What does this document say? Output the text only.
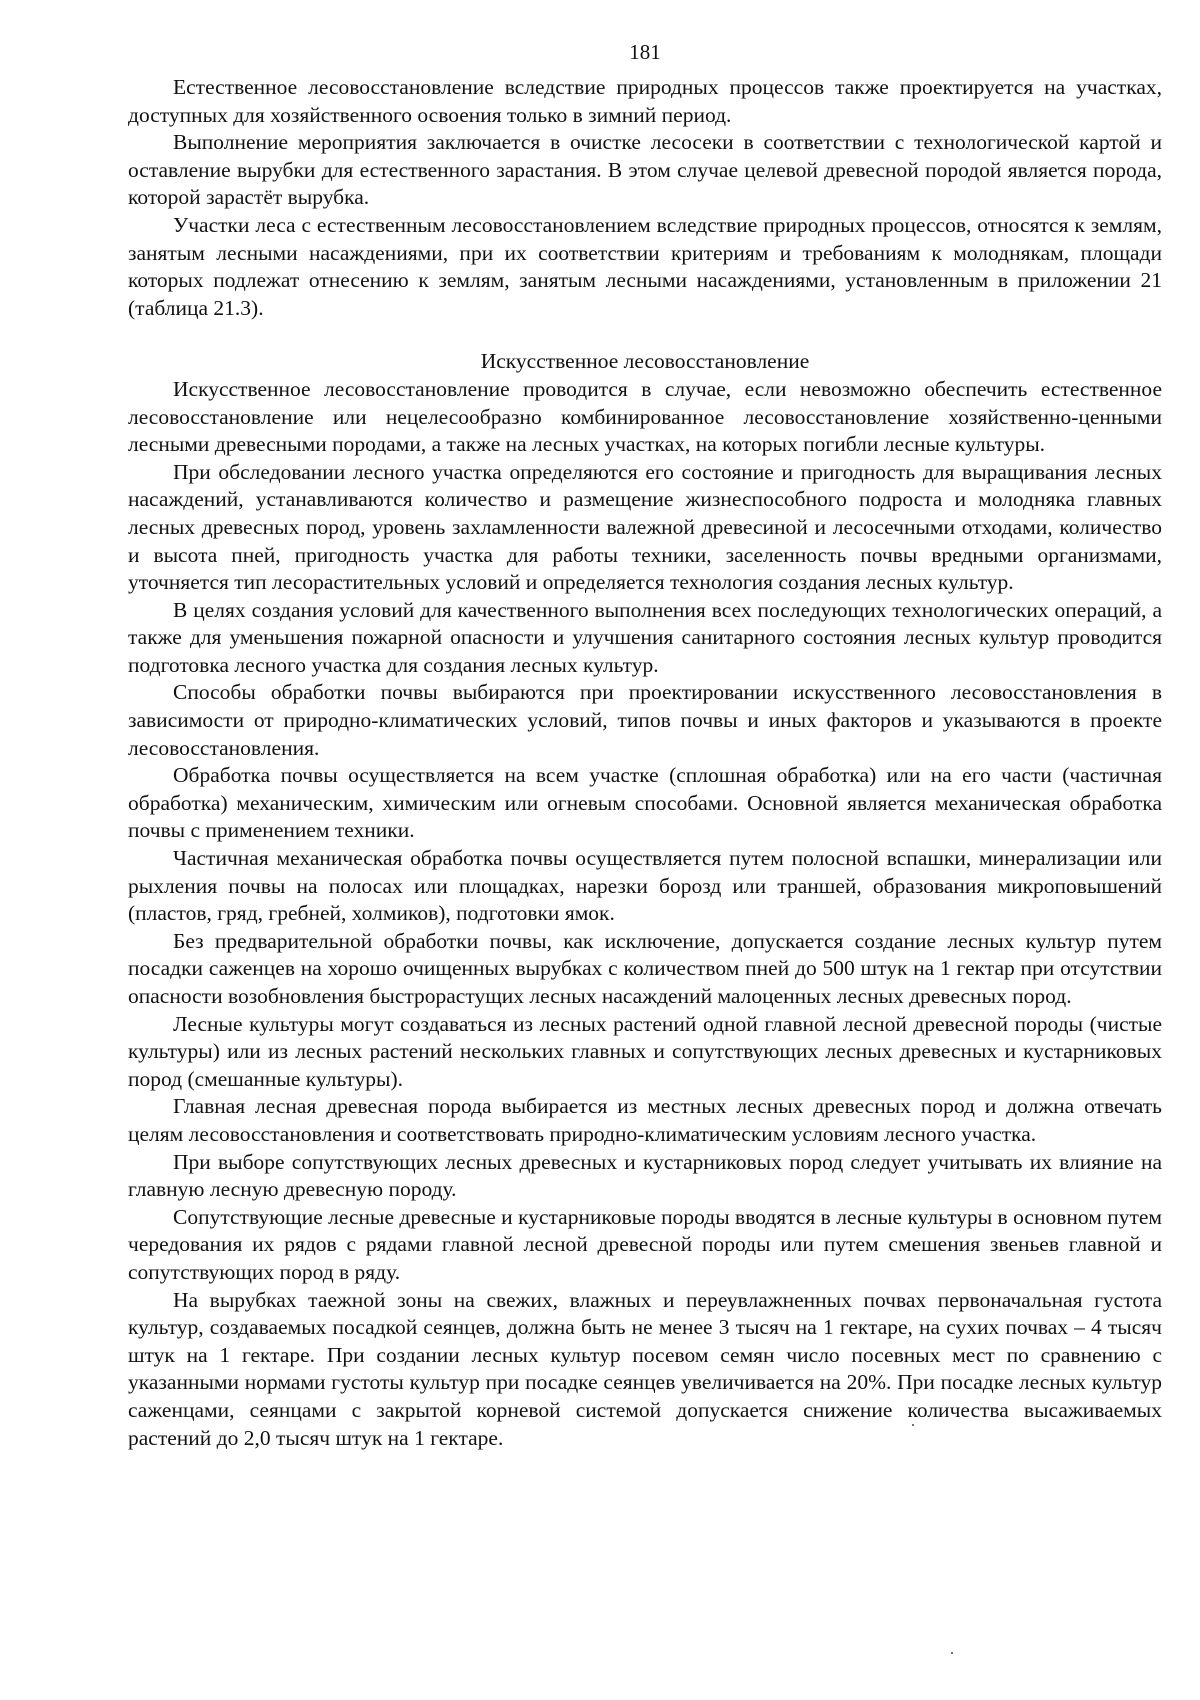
181

Естественное лесовосстановление вследствие природных процессов также проектируется на участках, доступных для хозяйственного освоения только в зимний период.

Выполнение мероприятия заключается в очистке лесосеки в соответствии с технологической картой и оставление вырубки для естественного зарастания. В этом случае целевой древесной породой является порода, которой зарастёт вырубка.

Участки леса с естественным лесовосстановлением вследствие природных процессов, относятся к землям, занятым лесными насаждениями, при их соответствии критериям и требованиям к молоднякам, площади которых подлежат отнесению к землям, занятым лесными насаждениями, установленным в приложении 21 (таблица 21.3).

Искусственное лесовосстановление

Искусственное лесовосстановление проводится в случае, если невозможно обеспечить естественное лесовосстановление или нецелесообразно комбинированное лесовосстановление хозяйственно-ценными лесными древесными породами, а также на лесных участках, на которых погибли лесные культуры.

При обследовании лесного участка определяются его состояние и пригодность для выращивания лесных насаждений, устанавливаются количество и размещение жизнеспособного подроста и молодняка главных лесных древесных пород, уровень захламленности валежной древесиной и лесосечными отходами, количество и высота пней, пригодность участка для работы техники, заселенность почвы вредными организмами, уточняется тип лесорастительных условий и определяется технология создания лесных культур.

В целях создания условий для качественного выполнения всех последующих технологических операций, а также для уменьшения пожарной опасности и улучшения санитарного состояния лесных культур проводится подготовка лесного участка для создания лесных культур.

Способы обработки почвы выбираются при проектировании искусственного лесовосстановления в зависимости от природно-климатических условий, типов почвы и иных факторов и указываются в проекте лесовосстановления.

Обработка почвы осуществляется на всем участке (сплошная обработка) или на его части (частичная обработка) механическим, химическим или огневым способами. Основной является механическая обработка почвы с применением техники.

Частичная механическая обработка почвы осуществляется путем полосной вспашки, минерализации или рыхления почвы на полосах или площадках, нарезки борозд или траншей, образования микроповышений (пластов, гряд, гребней, холмиков), подготовки ямок.

Без предварительной обработки почвы, как исключение, допускается создание лесных культур путем посадки саженцев на хорошо очищенных вырубках с количеством пней до 500 штук на 1 гектар при отсутствии опасности возобновления быстрорастущих лесных насаждений малоценных лесных древесных пород.

Лесные культуры могут создаваться из лесных растений одной главной лесной древесной породы (чистые культуры) или из лесных растений нескольких главных и сопутствующих лесных древесных и кустарниковых пород (смешанные культуры).

Главная лесная древесная порода выбирается из местных лесных древесных пород и должна отвечать целям лесовосстановления и соответствовать природно-климатическим условиям лесного участка.

При выборе сопутствующих лесных древесных и кустарниковых пород следует учитывать их влияние на главную лесную древесную породу.

Сопутствующие лесные древесные и кустарниковые породы вводятся в лесные культуры в основном путем чередования их рядов с рядами главной лесной древесной породы или путем смешения звеньев главной и сопутствующих пород в ряду.

На вырубках таежной зоны на свежих, влажных и переувлажненных почвах первоначальная густота культур, создаваемых посадкой сеянцев, должна быть не менее 3 тысяч на 1 гектаре, на сухих почвах – 4 тысяч штук на 1 гектаре. При создании лесных культур посевом семян число посевных мест по сравнению с указанными нормами густоты культур при посадке сеянцев увеличивается на 20%. При посадке лесных культур саженцами, сеянцами с закрытой корневой системой допускается снижение количества высаживаемых растений до 2,0 тысяч штук на 1 гектаре.
